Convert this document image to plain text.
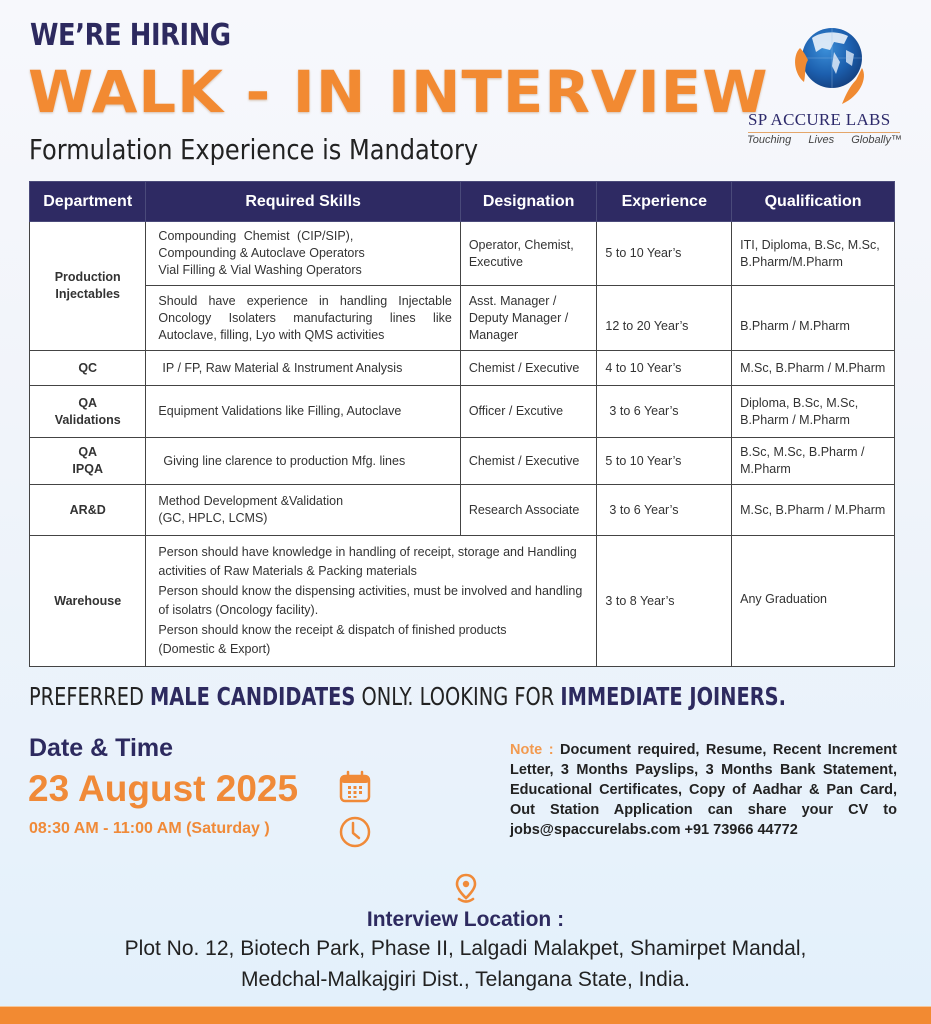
WE’RE HIRING
WALK - IN INTERVIEW
Formulation Experience is Mandatory
SP ACCURE LABS
Touching Lives Globally™
Department	Required Skills	Designation	Experience	Qualification
Production Injectables	Compounding Chemist (CIP/SIP),
Compounding & Autoclave Operators
Vial Filling & Vial Washing Operators	Operator, Chemist, Executive	5 to 10 Year’s	ITI, Diploma, B.Sc, M.Sc, B.Pharm/M.Pharm
	Should have experience in handling Injectable Oncology Isolaters manufacturing lines like Autoclave, filling, Lyo with QMS activities	Asst. Manager / Deputy Manager / Manager	12 to 20 Year’s	B.Pharm / M.Pharm
QC	IP / FP, Raw Material & Instrument Analysis	Chemist / Executive	4 to 10 Year’s	M.Sc, B.Pharm / M.Pharm

QA
Validations	Equipment Validations like Filling, Autoclave	Officer / Excutive	3 to 6 Year’s	Diploma, B.Sc, M.Sc, B.Pharm / M.Pharm

QA
IPQA	Giving line clarence to production Mfg. lines	Chemist / Executive	5 to 10 Year’s	B.Sc, M.Sc, B.Pharm / M.Pharm
AR&D	Method Development &Validation
(GC, HPLC, LCMS)	Research Associate	3 to 6 Year’s	M.Sc, B.Pharm / M.Pharm
Warehouse	Person should have knowledge in handling of receipt, storage and Handling activities of Raw Materials & Packing materials
Person should know the dispensing activities, must be involved and handling of isolatrs (Oncology facility).
Person should know the receipt & dispatch of finished products (Domestic & Export)		3 to 8 Year’s	Any Graduation
PREFERRED MALE CANDIDATES ONLY. LOOKING FOR IMMEDIATE JOINERS.
Date & Time
23 August 2025
08:30 AM - 11:00 AM (Saturday )
Note : Document required, Resume, Recent Increment Letter, 3 Months Payslips, 3 Months Bank Statement, Educational Certificates, Copy of Aadhar & Pan Card, Out Station Application can share your CV to jobs@spaccurelabs.com +91 73966 44772
Interview Location :
Plot No. 12, Biotech Park, Phase II, Lalgadi Malakpet, Shamirpet Mandal,
Medchal-Malkajgiri Dist., Telangana State, India.
